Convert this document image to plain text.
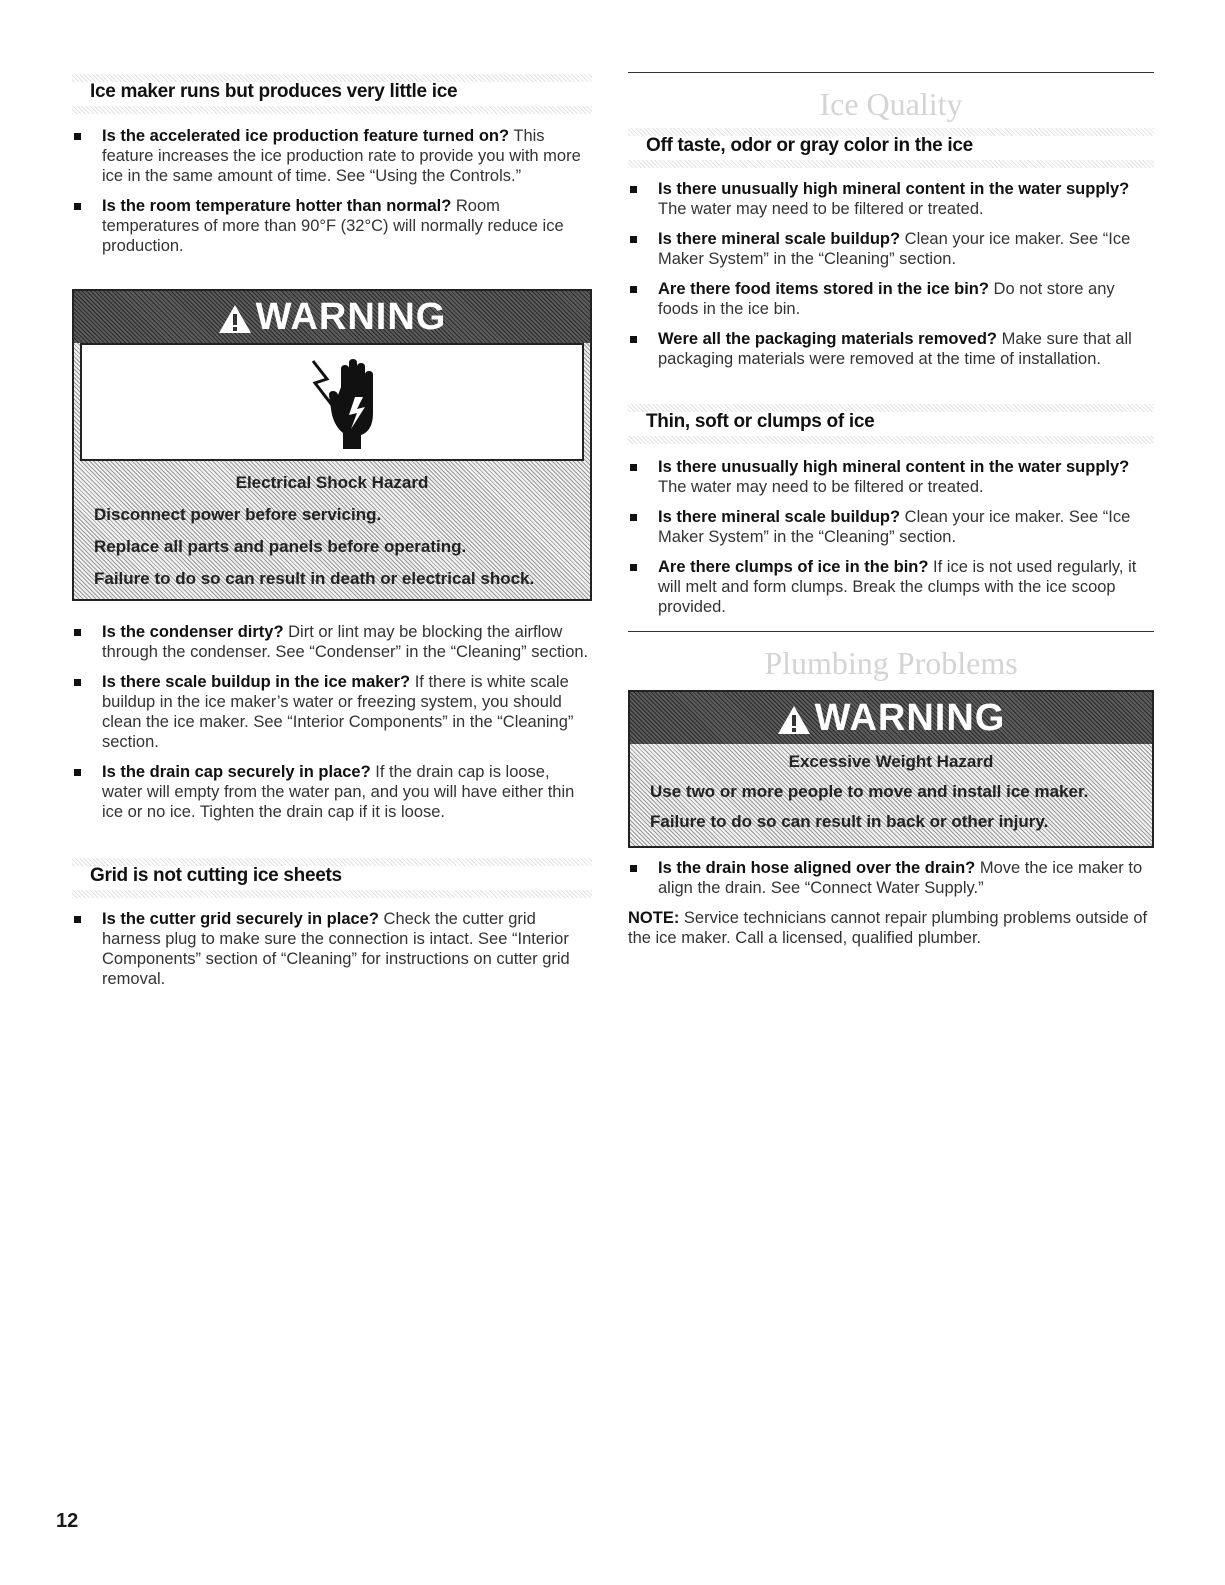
Ice maker runs but produces very little ice
Is the accelerated ice production feature turned on? This feature increases the ice production rate to provide you with more ice in the same amount of time. See “Using the Controls.”
Is the room temperature hotter than normal? Room temperatures of more than 90°F (32°C) will normally reduce ice production.
WARNING
Electrical Shock Hazard
Disconnect power before servicing.
Replace all parts and panels before operating.
Failure to do so can result in death or electrical shock.
Is the condenser dirty? Dirt or lint may be blocking the airflow through the condenser. See “Condenser” in the “Cleaning” section.
Is there scale buildup in the ice maker? If there is white scale buildup in the ice maker’s water or freezing system, you should clean the ice maker. See “Interior Components” in the “Cleaning” section.
Is the drain cap securely in place? If the drain cap is loose, water will empty from the water pan, and you will have either thin ice or no ice. Tighten the drain cap if it is loose.
Grid is not cutting ice sheets
Is the cutter grid securely in place? Check the cutter grid harness plug to make sure the connection is intact. See “Interior Components” section of “Cleaning” for instructions on cutter grid removal.
Ice Quality
Off taste, odor or gray color in the ice
Is there unusually high mineral content in the water supply? The water may need to be filtered or treated.
Is there mineral scale buildup? Clean your ice maker. See “Ice Maker System” in the “Cleaning” section.
Are there food items stored in the ice bin? Do not store any foods in the ice bin.
Were all the packaging materials removed? Make sure that all packaging materials were removed at the time of installation.
Thin, soft or clumps of ice
Is there unusually high mineral content in the water supply? The water may need to be filtered or treated.
Is there mineral scale buildup? Clean your ice maker. See “Ice Maker System” in the “Cleaning” section.
Are there clumps of ice in the bin? If ice is not used regularly, it will melt and form clumps. Break the clumps with the ice scoop provided.
Plumbing Problems
WARNING
Excessive Weight Hazard
Use two or more people to move and install ice maker.
Failure to do so can result in back or other injury.
Is the drain hose aligned over the drain? Move the ice maker to align the drain. See “Connect Water Supply.”
NOTE: Service technicians cannot repair plumbing problems outside of the ice maker. Call a licensed, qualified plumber.
12
